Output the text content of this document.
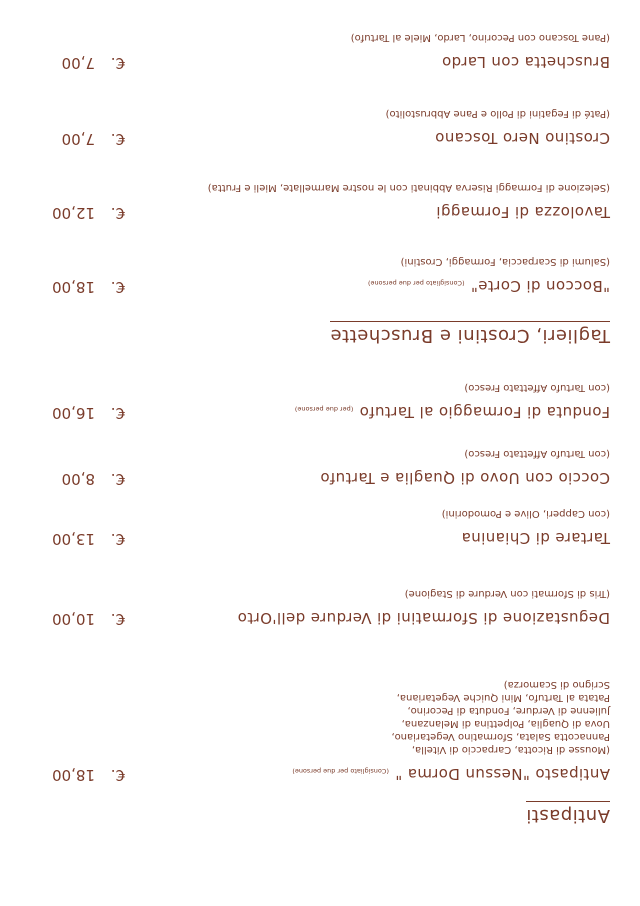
Antipasti
Antipasto "Nessun Dorma "(Consigliato per due persone)
€.18,00
(Mousse di Ricotta, Carpaccio di Vitella,
Pannacotta Salata, Sformatino Vegetariano,
Uova di Quaglia, Polpettina di Melanzana,
Julienne di Verdure, Fonduta di Pecorino,
Patata al Tartufo, Mini Quiche Vegetariana,
Scrigno di Scamorza)
Degustazione di Sformatini di Verdure dell'Orto
€.10,00
(Tris di Sformati con Verdure di Stagione)
Tartare di Chianina
€.13,00
(con Capperi, Olive e Pomodorini)
Coccio con Uovo di Quaglia e Tartufo
€.8,00
(con Tartufo Affettato Fresco)
Fonduta di Formaggio al Tartufo(per due persone)
€.16,00
(con Tartufo Affettato Fresco)
Taglieri, Crostini e Bruschette
"Boccon di Corte"(Consigliato per due persone)
€.18,00
(Salumi di Scarpaccia, Formaggi, Crostini)
Tavolozza di Formaggi
€.12,00
(Selezione di Formaggi Riserva Abbinati con le nostre Marmellate, Mieli e Frutta)
Crostino Nero Toscano
€.7,00
(Paté di Fegatini di Pollo e Pane Abbrustolito)
Bruschetta con Lardo
€.7,00
(Pane Toscano con Pecorino, Lardo, Miele al Tartufo)
